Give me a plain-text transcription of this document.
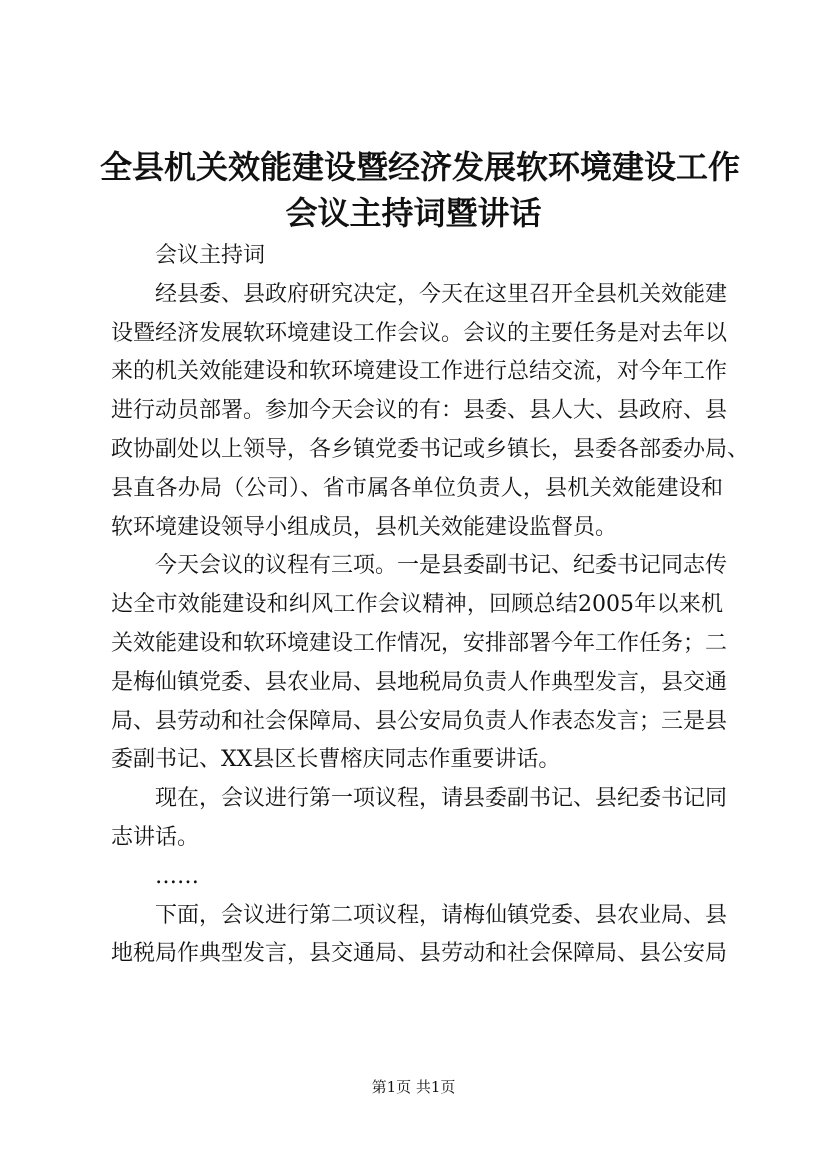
全县机关效能建设暨经济发展软环境建设工作
会议主持词暨讲话
会议主持词
经县委、县政府研究决定，今天在这里召开全县机关效能建
设暨经济发展软环境建设工作会议。会议的主要任务是对去年以
来的机关效能建设和软环境建设工作进行总结交流，对今年工作
进行动员部署。参加今天会议的有：县委、县人大、县政府、县
政协副处以上领导，各乡镇党委书记或乡镇长，县委各部委办局、
县直各办局（公司）、省市属各单位负责人，县机关效能建设和
软环境建设领导小组成员，县机关效能建设监督员。
今天会议的议程有三项。一是县委副书记、纪委书记同志传
达全市效能建设和纠风工作会议精神，回顾总结2005年以来机
关效能建设和软环境建设工作情况，安排部署今年工作任务；二
是梅仙镇党委、县农业局、县地税局负责人作典型发言，县交通
局、县劳动和社会保障局、县公安局负责人作表态发言；三是县
委副书记、XX县区长曹榕庆同志作重要讲话。
现在，会议进行第一项议程，请县委副书记、县纪委书记同
志讲话。
……
下面，会议进行第二项议程，请梅仙镇党委、县农业局、县
地税局作典型发言，县交通局、县劳动和社会保障局、县公安局
第1页 共1页
